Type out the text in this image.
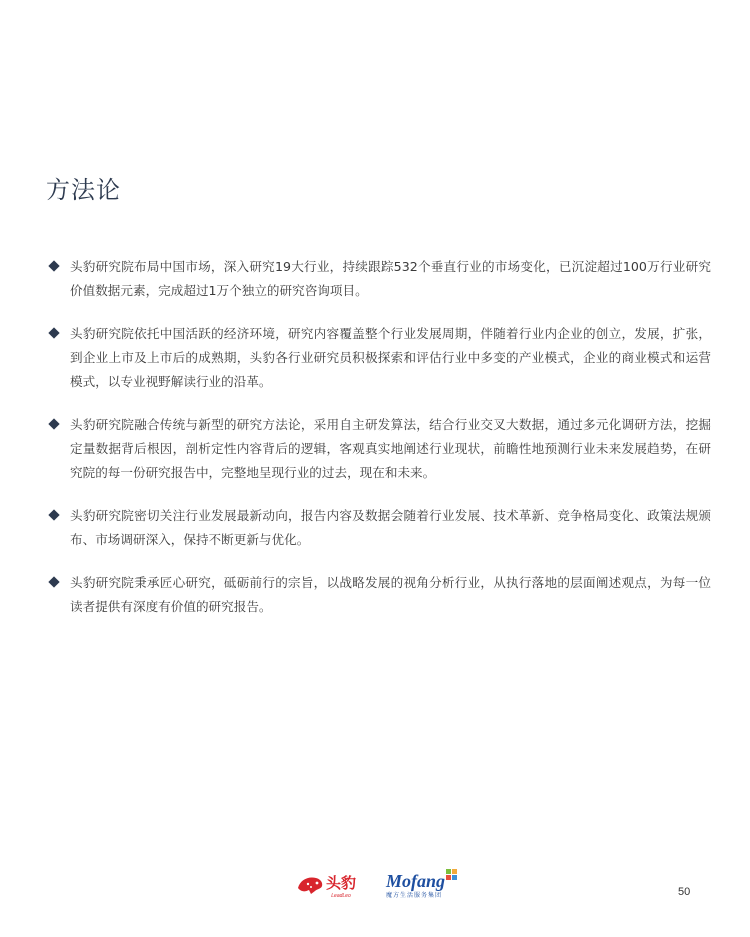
方法论
头豹研究院布局中国市场，深入研究19大行业，持续跟踪532个垂直行业的市场变化，已沉淀超过100万行业研究价值数据元素，完成超过1万个独立的研究咨询项目。
头豹研究院依托中国活跃的经济环境，研究内容覆盖整个行业发展周期，伴随着行业内企业的创立，发展，扩张，到企业上市及上市后的成熟期，头豹各行业研究员积极探索和评估行业中多变的产业模式，企业的商业模式和运营模式，以专业视野解读行业的沿革。
头豹研究院融合传统与新型的研究方法论，采用自主研发算法，结合行业交叉大数据，通过多元化调研方法，挖掘定量数据背后根因，剖析定性内容背后的逻辑，客观真实地阐述行业现状，前瞻性地预测行业未来发展趋势，在研究院的每一份研究报告中，完整地呈现行业的过去，现在和未来。
头豹研究院密切关注行业发展最新动向，报告内容及数据会随着行业发展、技术革新、竞争格局变化、政策法规颁布、市场调研深入，保持不断更新与优化。
头豹研究院秉承匠心研究，砥砺前行的宗旨，以战略发展的视角分析行业，从执行落地的层面阐述观点，为每一位读者提供有深度有价值的研究报告。
头豹
LeadLeo
Mofang
魔方生活服务集团	50
